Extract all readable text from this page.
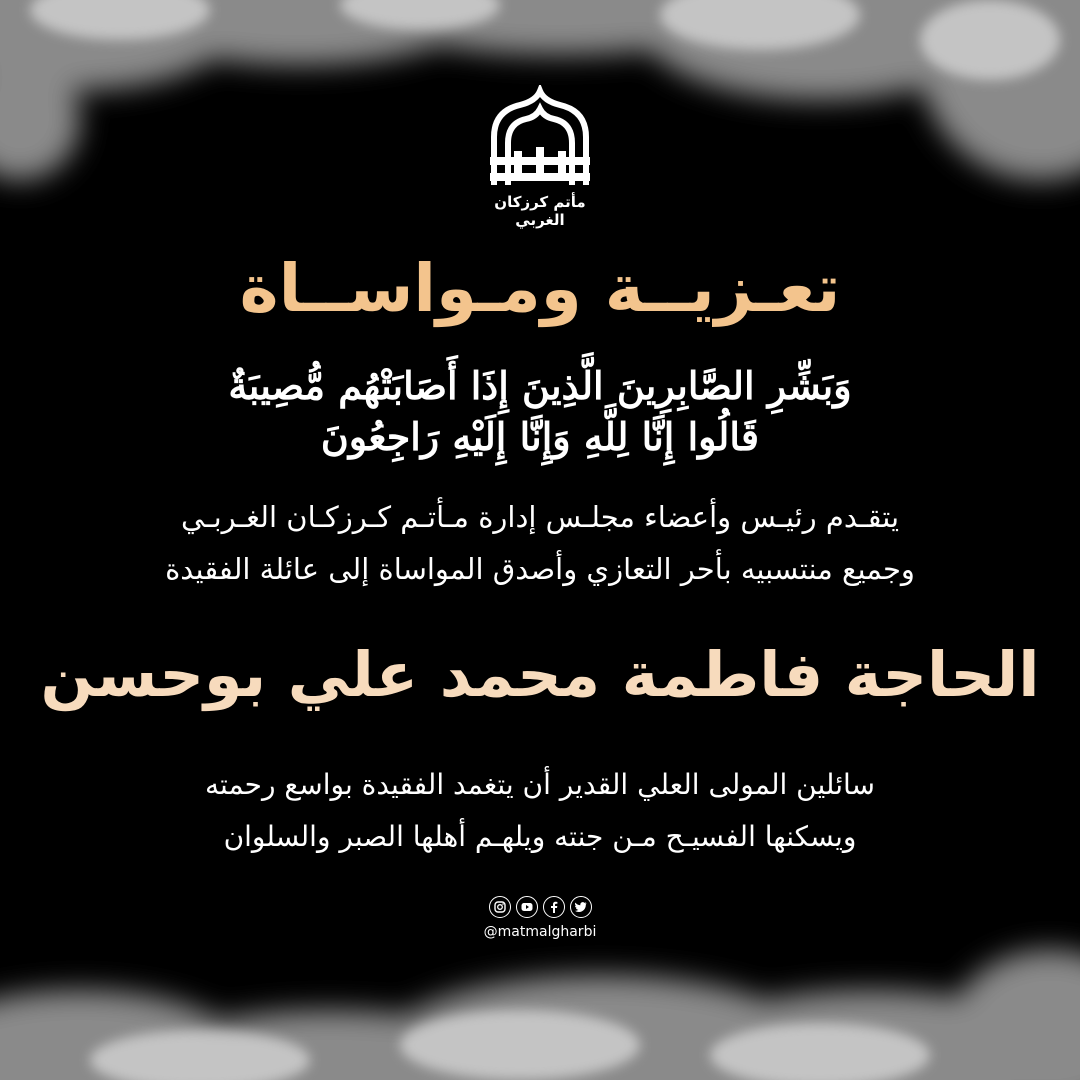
مأتم كرزكان الغربي
تعـزيــة ومـواســاة
وَبَشِّرِ الصَّابِرِينَ الَّذِينَ إِذَا أَصَابَتْهُم مُّصِيبَةٌ قَالُوا إِنَّا لِلَّهِ وَإِنَّا إِلَيْهِ رَاجِعُونَ
يتقـدم رئيـس وأعضاء مجلـس إدارة مـأتـم كـرزكـان الغـربـي
وجميع منتسبيه بأحر التعازي وأصدق المواساة إلى عائلة الفقيدة
الحاجة فاطمة محمد علي بوحسن
سائلين المولى العلي القدير أن يتغمد الفقيدة بواسع رحمته
ويسكنها الفسيـح مـن جنته ويلهـم أهلها الصبر والسلوان
@matmalgharbi
